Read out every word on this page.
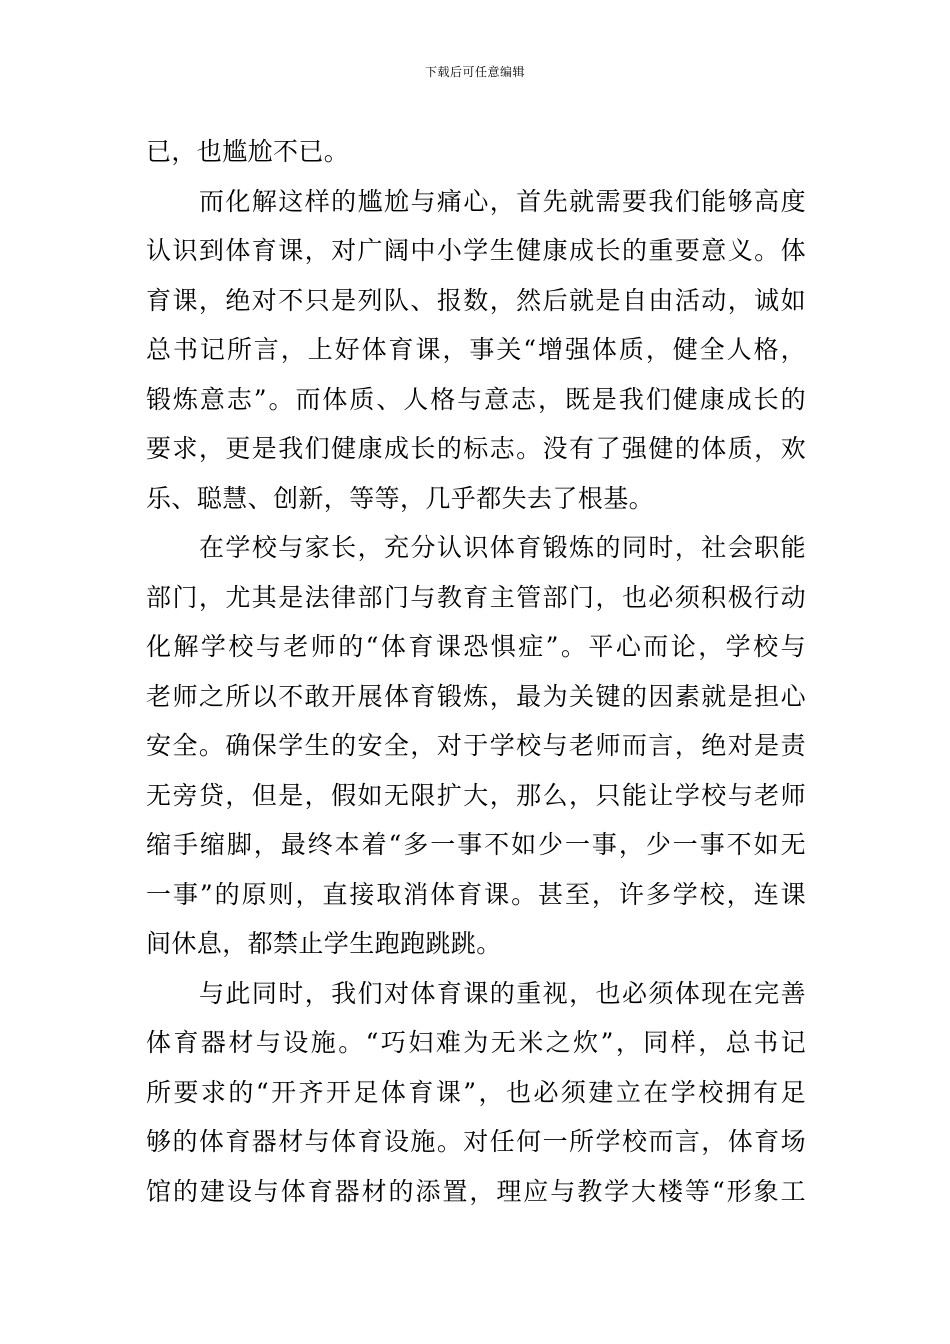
下载后可任意编辑
已，也尴尬不已。
而化解这样的尴尬与痛心，首先就需要我们能够高度
认识到体育课，对广阔中小学生健康成长的重要意义。体
育课，绝对不只是列队、报数，然后就是自由活动，诚如
总书记所言，上好体育课，事关“增强体质，健全人格，
锻炼意志”。而体质、人格与意志，既是我们健康成长的
要求，更是我们健康成长的标志。没有了强健的体质，欢
乐、聪慧、创新，等等，几乎都失去了根基。
在学校与家长，充分认识体育锻炼的同时，社会职能
部门，尤其是法律部门与教育主管部门，也必须积极行动
化解学校与老师的“体育课恐惧症”。平心而论，学校与
老师之所以不敢开展体育锻炼，最为关键的因素就是担心
安全。确保学生的安全，对于学校与老师而言，绝对是责
无旁贷，但是，假如无限扩大，那么，只能让学校与老师
缩手缩脚，最终本着“多一事不如少一事，少一事不如无
一事”的原则，直接取消体育课。甚至，许多学校，连课
间休息，都禁止学生跑跑跳跳。
与此同时，我们对体育课的重视，也必须体现在完善
体育器材与设施。“巧妇难为无米之炊”，同样，总书记
所要求的“开齐开足体育课”，也必须建立在学校拥有足
够的体育器材与体育设施。对任何一所学校而言，体育场
馆的建设与体育器材的添置，理应与教学大楼等“形象工
